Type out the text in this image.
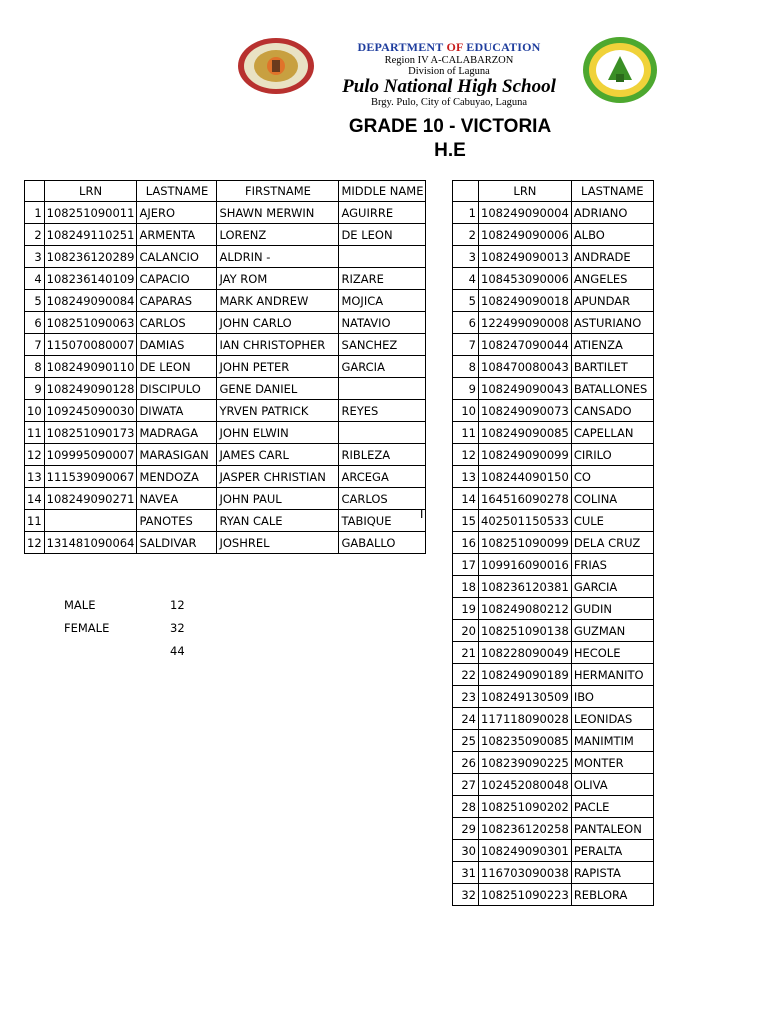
DEPARTMENT OF EDUCATION
Region IV A-CALABARZON
Division of Laguna
Pulo National High School
Brgy. Pulo, City of Cabuyao, Laguna
GRADE 10 - VICTORIA
H.E
	LRN	LASTNAME	FIRSTNAME	MIDDLE NAME
1	108251090011	AJERO	SHAWN MERWIN	AGUIRRE
2	108249110251	ARMENTA	LORENZ	DE LEON
3	108236120289	CALANCIO	ALDRIN -	
4	108236140109	CAPACIO	JAY ROM	RIZARE
5	108249090084	CAPARAS	MARK ANDREW	MOJICA
6	108251090063	CARLOS	JOHN CARLO	NATAVIO
7	115070080007	DAMIAS	IAN CHRISTOPHER	SANCHEZ
8	108249090110	DE LEON	JOHN PETER	GARCIA
9	108249090128	DISCIPULO	GENE DANIEL	
10	109245090030	DIWATA	YRVEN PATRICK	REYES
11	108251090173	MADRAGA	JOHN ELWIN	
12	109995090007	MARASIGAN	JAMES CARL	RIBLEZA
13	111539090067	MENDOZA	JASPER CHRISTIAN	ARCEGA
14	108249090271	NAVEA	JOHN PAUL	CARLOS
11		PANOTES	RYAN CALE	TABIQUE
12	131481090064	SALDIVAR	JOSHREL	GABALLO
T
MALE	12
FEMALE	32
44
	LRN	LASTNAME
1	108249090004	ADRIANO
2	108249090006	ALBO
3	108249090013	ANDRADE
4	108453090006	ANGELES
5	108249090018	APUNDAR
6	122499090008	ASTURIANO
7	108247090044	ATIENZA
8	108470080043	BARTILET
9	108249090043	BATALLONES
10	108249090073	CANSADO
11	108249090085	CAPELLAN
12	108249090099	CIRILO
13	108244090150	CO
14	164516090278	COLINA
15	402501150533	CULE
16	108251090099	DELA CRUZ
17	109916090016	FRIAS
18	108236120381	GARCIA
19	108249080212	GUDIN
20	108251090138	GUZMAN
21	108228090049	HECOLE
22	108249090189	HERMANITO
23	108249130509	IBO
24	117118090028	LEONIDAS
25	108235090085	MANIMTIM
26	108239090225	MONTER
27	102452080048	OLIVA
28	108251090202	PACLE
29	108236120258	PANTALEON
30	108249090301	PERALTA
31	116703090038	RAPISTA
32	108251090223	REBLORA
